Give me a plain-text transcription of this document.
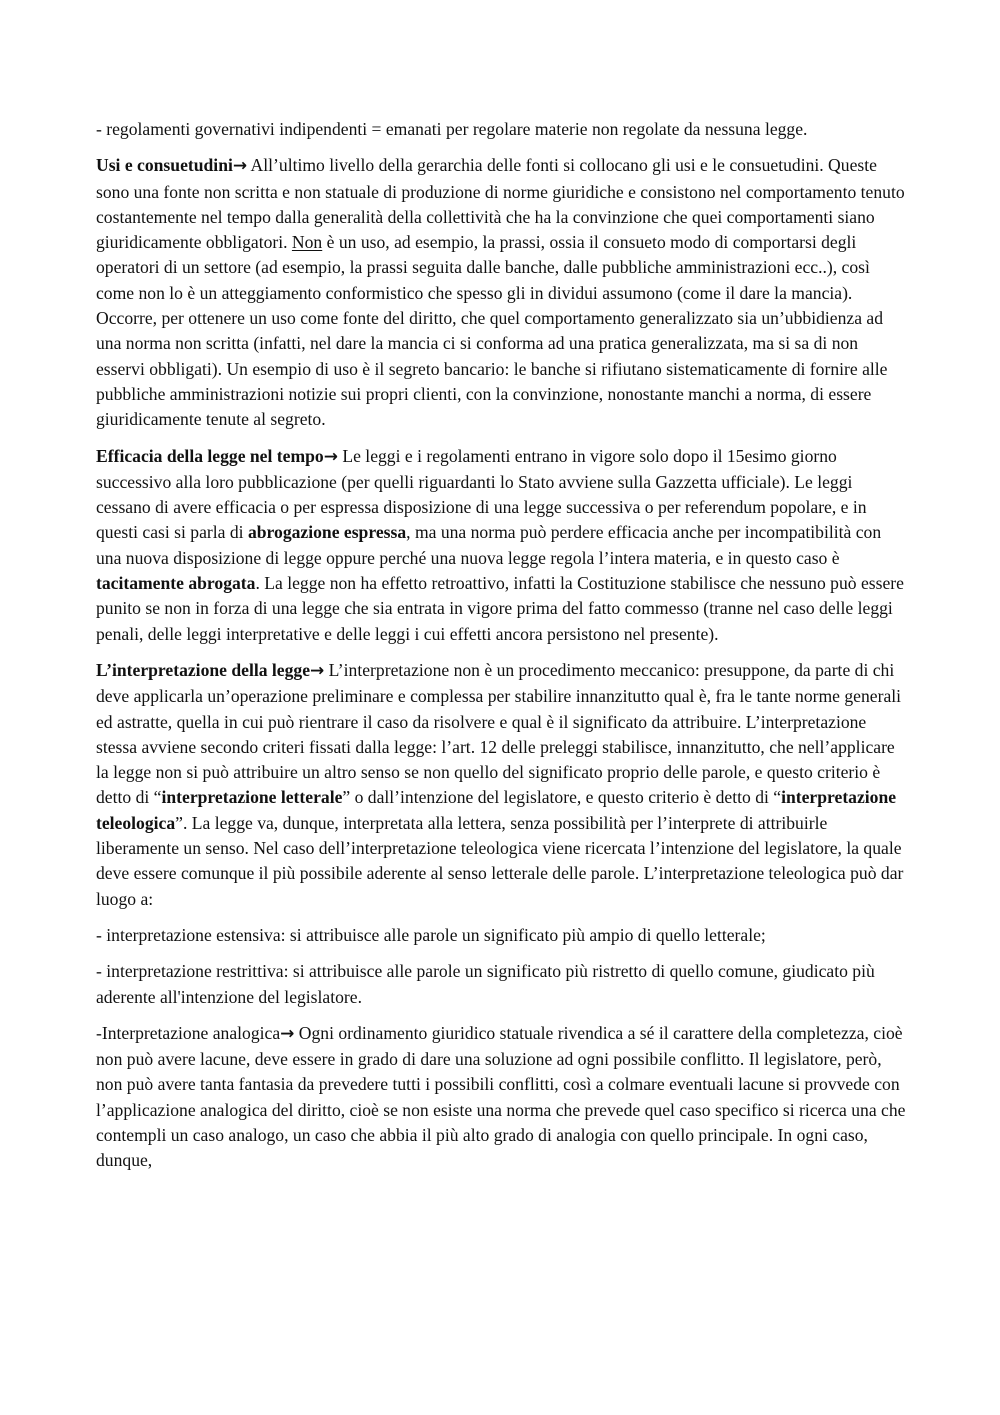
- regolamenti governativi indipendenti = emanati per regolare materie non regolate da nessuna legge.

Usi e consuetudini→ All’ultimo livello della gerarchia delle fonti si collocano gli usi e le consuetudini. Queste sono una fonte non scritta e non statuale di produzione di norme giuridiche e consistono nel comportamento tenuto costantemente nel tempo dalla generalità della collettività che ha la convinzione che quei comportamenti siano giuridicamente obbligatori. Non è un uso, ad esempio, la prassi, ossia il consueto modo di comportarsi degli operatori di un settore (ad esempio, la prassi seguita dalle banche, dalle pubbliche amministrazioni ecc..), così come non lo è un atteggiamento conformistico che spesso gli in dividui assumono (come il dare la mancia). Occorre, per ottenere un uso come fonte del diritto, che quel comportamento generalizzato sia un’ubbidienza ad una norma non scritta (infatti, nel dare la mancia ci si conforma ad una pratica generalizzata, ma si sa di non esservi obbligati). Un esempio di uso è il segreto bancario: le banche si rifiutano sistematicamente di fornire alle pubbliche amministrazioni notizie sui propri clienti, con la convinzione, nonostante manchi a norma, di essere giuridicamente tenute al segreto.

Efficacia della legge nel tempo→ Le leggi e i regolamenti entrano in vigore solo dopo il 15esimo giorno successivo alla loro pubblicazione (per quelli riguardanti lo Stato avviene sulla Gazzetta ufficiale). Le leggi cessano di avere efficacia o per espressa disposizione di una legge successiva o per referendum popolare, e in questi casi si parla di abrogazione espressa, ma una norma può perdere efficacia anche per incompatibilità con una nuova disposizione di legge oppure perché una nuova legge regola l’intera materia, e in questo caso è tacitamente abrogata. La legge non ha effetto retroattivo, infatti la Costituzione stabilisce che nessuno può essere punito se non in forza di una legge che sia entrata in vigore prima del fatto commesso (tranne nel caso delle leggi penali, delle leggi interpretative e delle leggi i cui effetti ancora persistono nel presente).

L’interpretazione della legge→ L’interpretazione non è un procedimento meccanico: presuppone, da parte di chi deve applicarla un’operazione preliminare e complessa per stabilire innanzitutto qual è, fra le tante norme generali ed astratte, quella in cui può rientrare il caso da risolvere e qual è il significato da attribuire. L’interpretazione stessa avviene secondo criteri fissati dalla legge: l’art. 12 delle preleggi stabilisce, innanzitutto, che nell’applicare la legge non si può attribuire un altro senso se non quello del significato proprio delle parole, e questo criterio è detto di “interpretazione letterale” o dall’intenzione del legislatore, e questo criterio è detto di “interpretazione teleologica”. La legge va, dunque, interpretata alla lettera, senza possibilità per l’interprete di attribuirle liberamente un senso. Nel caso dell’interpretazione teleologica viene ricercata l’intenzione del legislatore, la quale deve essere comunque il più possibile aderente al senso letterale delle parole. L’interpretazione teleologica può dar luogo a:

- interpretazione estensiva: si attribuisce alle parole un significato più ampio di quello letterale;

- interpretazione restrittiva: si attribuisce alle parole un significato più ristretto di quello comune, giudicato più aderente all'intenzione del legislatore.

-Interpretazione analogica→ Ogni ordinamento giuridico statuale rivendica a sé il carattere della completezza, cioè non può avere lacune, deve essere in grado di dare una soluzione ad ogni possibile conflitto. Il legislatore, però, non può avere tanta fantasia da prevedere tutti i possibili conflitti, così a colmare eventuali lacune si provvede con l’applicazione analogica del diritto, cioè se non esiste una norma che prevede quel caso specifico si ricerca una che contempli un caso analogo, un caso che abbia il più alto grado di analogia con quello principale. In ogni caso, dunque,
